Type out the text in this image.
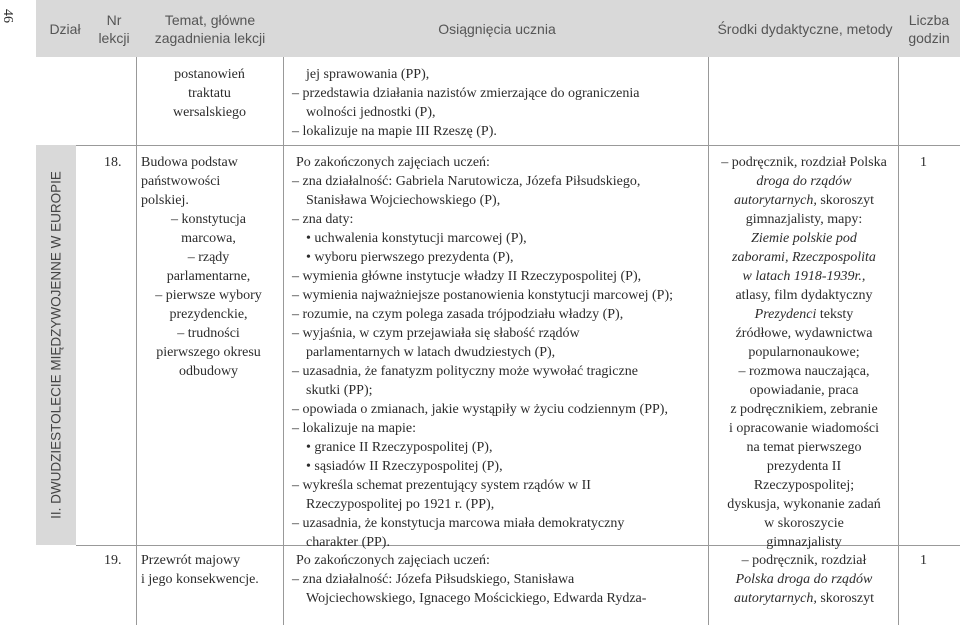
46
Dział
Nr
lekcji
Temat, główne
zagadnienia lekcji
Osiągnięcia ucznia	Środki dydaktyczne, metody
Liczba
godzin
II. DWUDZIESTOLECIE MIĘDZYWOJENNE W EUROPIE
postanowień
traktatu
wersalskiego
jej sprawowania (PP),
– przedstawia działania nazistów zmierzające do ograniczenia
wolności jednostki (P),
– lokalizuje na mapie III Rzeszę (P).
18. Budowa podstaw
państwowości
polskiej.
– konstytucja
marcowa,
– rządy
parlamentarne,
– pierwsze wybory
prezydenckie,
– trudności
pierwszego okresu
odbudowy
Po zakończonych zajęciach uczeń:
– zna działalność: Gabriela Narutowicza, Józefa Piłsudskiego,
Stanisława Wojciechowskiego (P),
– zna daty:
• uchwalenia konstytucji marcowej (P),
• wyboru pierwszego prezydenta (P),
– wymienia główne instytucje władzy II Rzeczypospolitej (P),
– wymienia najważniejsze postanowienia konstytucji marcowej (P);
– rozumie, na czym polega zasada trójpodziału władzy (P),
– wyjaśnia, w czym przejawiała się słabość rządów
parlamentarnych w latach dwudziestych (P),
– uzasadnia, że fanatyzm polityczny może wywołać tragiczne
skutki (PP);
– opowiada o zmianach, jakie wystąpiły w życiu codziennym (PP),
– lokalizuje na mapie:
• granice II Rzeczypospolitej (P),
• sąsiadów II Rzeczypospolitej (P),
– wykreśla schemat prezentujący system rządów w II
Rzeczypospolitej po 1921 r. (PP),
– uzasadnia, że konstytucja marcowa miała demokratyczny
charakter (PP).
– podręcznik, rozdział Polska
droga do rządów
autorytarnych, skoroszyt
gimnazjalisty, mapy:
Ziemie polskie pod
zaborami, Rzeczpospolita
w latach 1918-1939r.,
atlasy, film dydaktyczny
Prezydenci teksty
źródłowe, wydawnictwa
popularnonaukowe;
– rozmowa nauczająca,
opowiadanie, praca
z podręcznikiem, zebranie
i opracowanie wiadomości
na temat pierwszego
prezydenta II
Rzeczypospolitej;
dyskusja, wykonanie zadań
w skoroszycie
gimnazjalisty
1
19. Przewrót majowy
i jego konsekwencje.
Po zakończonych zajęciach uczeń:
– zna działalność: Józefa Piłsudskiego, Stanisława
Wojciechowskiego, Ignacego Mościckiego, Edwarda Rydza-
– podręcznik, rozdział
Polska droga do rządów
autorytarnych, skoroszyt
1
